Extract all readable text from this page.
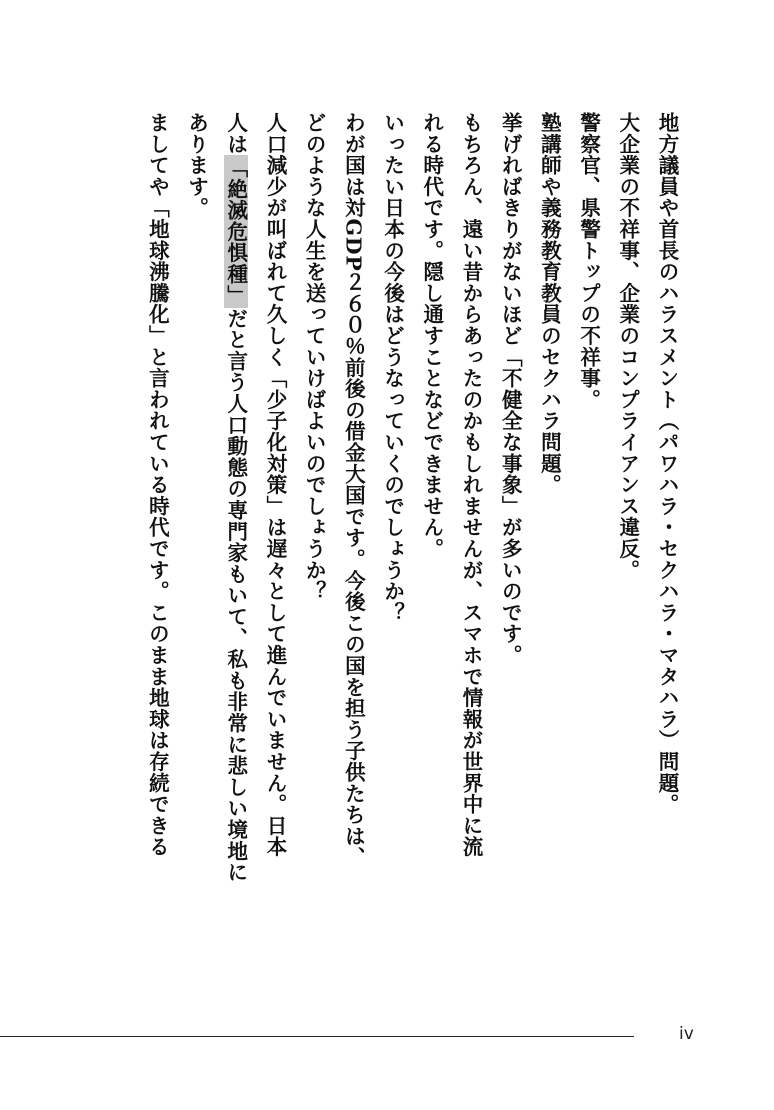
地方議員や首長のハラスメント（パワハラ・セクハラ・マタハラ）問題。
大企業の不祥事、企業のコンプライアンス違反。
警察官、県警トップの不祥事。
塾講師や義務教育教員のセクハラ問題。
挙げればきりがないほど「不健全な事象」が多いのです。
もちろん、遠い昔からあったのかもしれませんが、スマホで情報が世界中に流
れる時代です。隠し通すことなどできません。
いったい日本の今後はどうなっていくのでしょうか？
わが国は対GDP２６０％前後の借金大国です。今後この国を担う子供たちは、
どのような人生を送っていけばよいのでしょうか？
人口減少が叫ばれて久しく「少子化対策」は遅々として進んでいません。日本
人は「絶滅危惧種」だと言う人口動態の専門家もいて、私も非常に悲しい境地に
あります。
ましてや「地球沸騰化」と言われている時代です。このまま地球は存続できる
iv
